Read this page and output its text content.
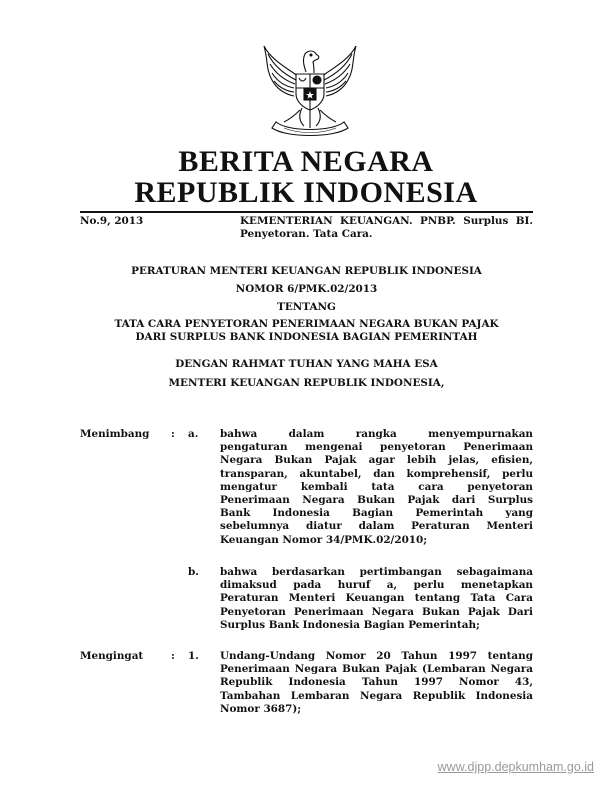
BERITA NEGARA
REPUBLIK INDONESIA
No.9, 2013	KEMENTERIAN KEUANGAN. PNBP. Surplus BI.
Penyetoran. Tata Cara.
PERATURAN MENTERI KEUANGAN REPUBLIK INDONESIA
NOMOR 6/PMK.02/2013
TENTANG
TATA CARA PENYETORAN PENERIMAAN NEGARA BUKAN PAJAK
DARI SURPLUS BANK INDONESIA BAGIAN PEMERINTAH
DENGAN RAHMAT TUHAN YANG MAHA ESA
MENTERI KEUANGAN REPUBLIK INDONESIA,
Menimbang : a. bahwa dalam rangka menyempurnakan
pengaturan mengenai penyetoran Penerimaan
Negara Bukan Pajak agar lebih jelas, efisien,
transparan, akuntabel, dan komprehensif, perlu
mengatur kembali tata cara penyetoran
Penerimaan Negara Bukan Pajak dari Surplus
Bank Indonesia Bagian Pemerintah yang
sebelumnya diatur dalam Peraturan Menteri
Keuangan Nomor 34/PMK.02/2010;
b. bahwa berdasarkan pertimbangan sebagaimana
dimaksud pada huruf a, perlu menetapkan
Peraturan Menteri Keuangan tentang Tata Cara
Penyetoran Penerimaan Negara Bukan Pajak Dari
Surplus Bank Indonesia Bagian Pemerintah;
Mengingat	: 1. Undang-Undang Nomor 20 Tahun 1997 tentang
Penerimaan Negara Bukan Pajak (Lembaran Negara
Republik Indonesia Tahun 1997 Nomor 43,
Tambahan Lembaran Negara Republik Indonesia
Nomor 3687);
www.djpp.depkumham.go.id
